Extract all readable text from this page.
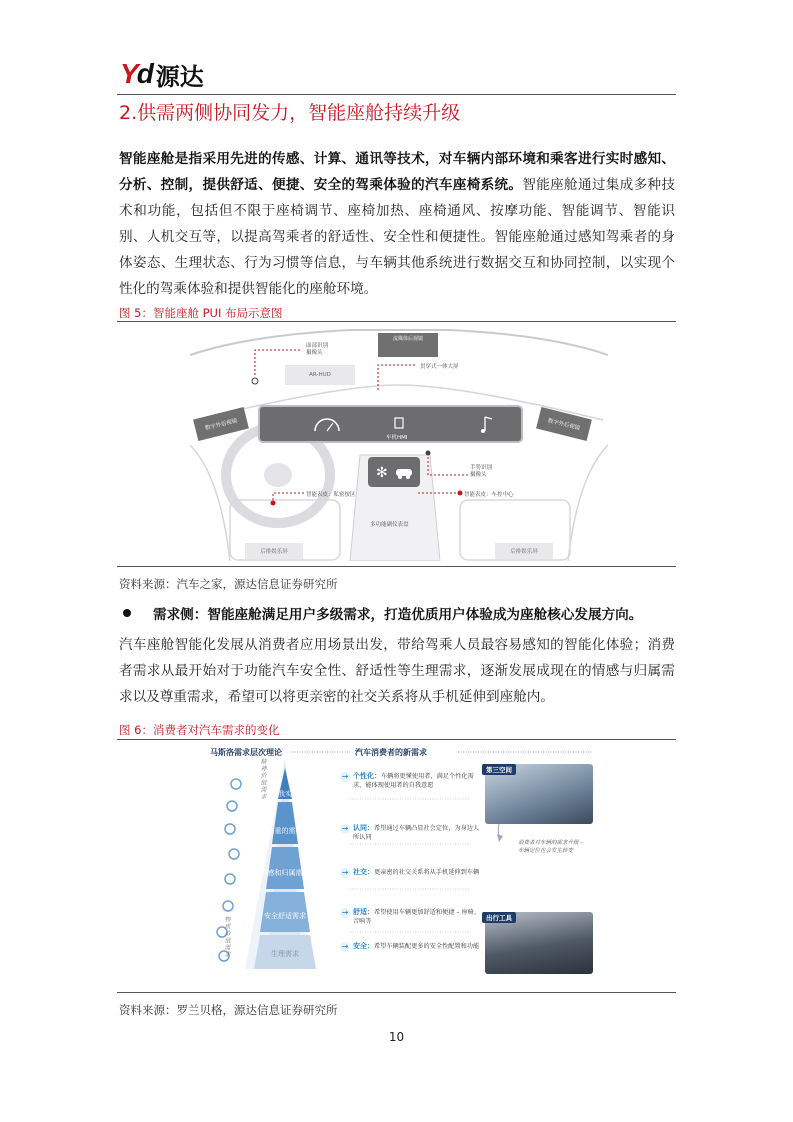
Yd 源达
2.供需两侧协同发力，智能座舱持续升级
智能座舱是指采用先进的传感、计算、通讯等技术，对车辆内部环境和乘客进行实时感知、分析、控制，提供舒适、便捷、安全的驾乘体验的汽车座椅系统。智能座舱通过集成多种技术和功能，包括但不限于座椅调节、座椅加热、座椅通风、按摩功能、智能调节、智能识别、人机交互等，以提高驾乘者的舒适性、安全性和便捷性。智能座舱通过感知驾乘者的身体姿态、生理状态、行为习惯等信息，与车辆其他系统进行数据交互和协同控制，以实现个性化的驾乘体验和提供智能化的座舱环境。
图 5：智能座舱 PUI 布局示意图
AR-HUD
流媒体后视镜
面部识别
摄像头
贯穿式一体大屏
数字外后视镜	数字外后视镜
车机HMI
✻	手势识别
摄像头
智能表皮：私密按区	智能表皮：车控中心
多功能副仪表盘
后排娱乐屏	后排娱乐屏
资料来源：汽车之家，源达信息证券研究所
需求侧：智能座舱满足用户多级需求，打造优质用户体验成为座舱核心发展方向。
汽车座舱智能化发展从消费者应用场景出发，带给驾乘人员最容易感知的智能化体验；消费者需求从最开始对于功能汽车安全性、舒适性等生理需求，逐渐发展成现在的情感与归属需求以及尊重需求，希望可以将更亲密的社交关系将从手机延伸到座舱内。
图 6：消费者对汽车需求的变化
马斯洛需求层次理论	汽车消费者的新需求
精神价值需求
物质价值需求
自我实现
尊重的需要
情感和归属需求
安全舒适需求
生理需求
→ 个性化：车辆将更懂使用者，满足个性化需求，能体现使用者的自我意愿
→ 认同：希望通过车辆凸显社会定位，为身边人所认同
→ 社交：更亲密的社交关系将从手机延伸到车辆
→ 舒适：希望使用车辆更加舒适和便捷 – 座椅、音响等
→ 安全：希望车辆装配更多的安全性配置和功能
第三空间
消费者对车辆的需求升级 – 车辆定位也会发生转变
出行工具
资料来源：罗兰贝格，源达信息证券研究所
10
